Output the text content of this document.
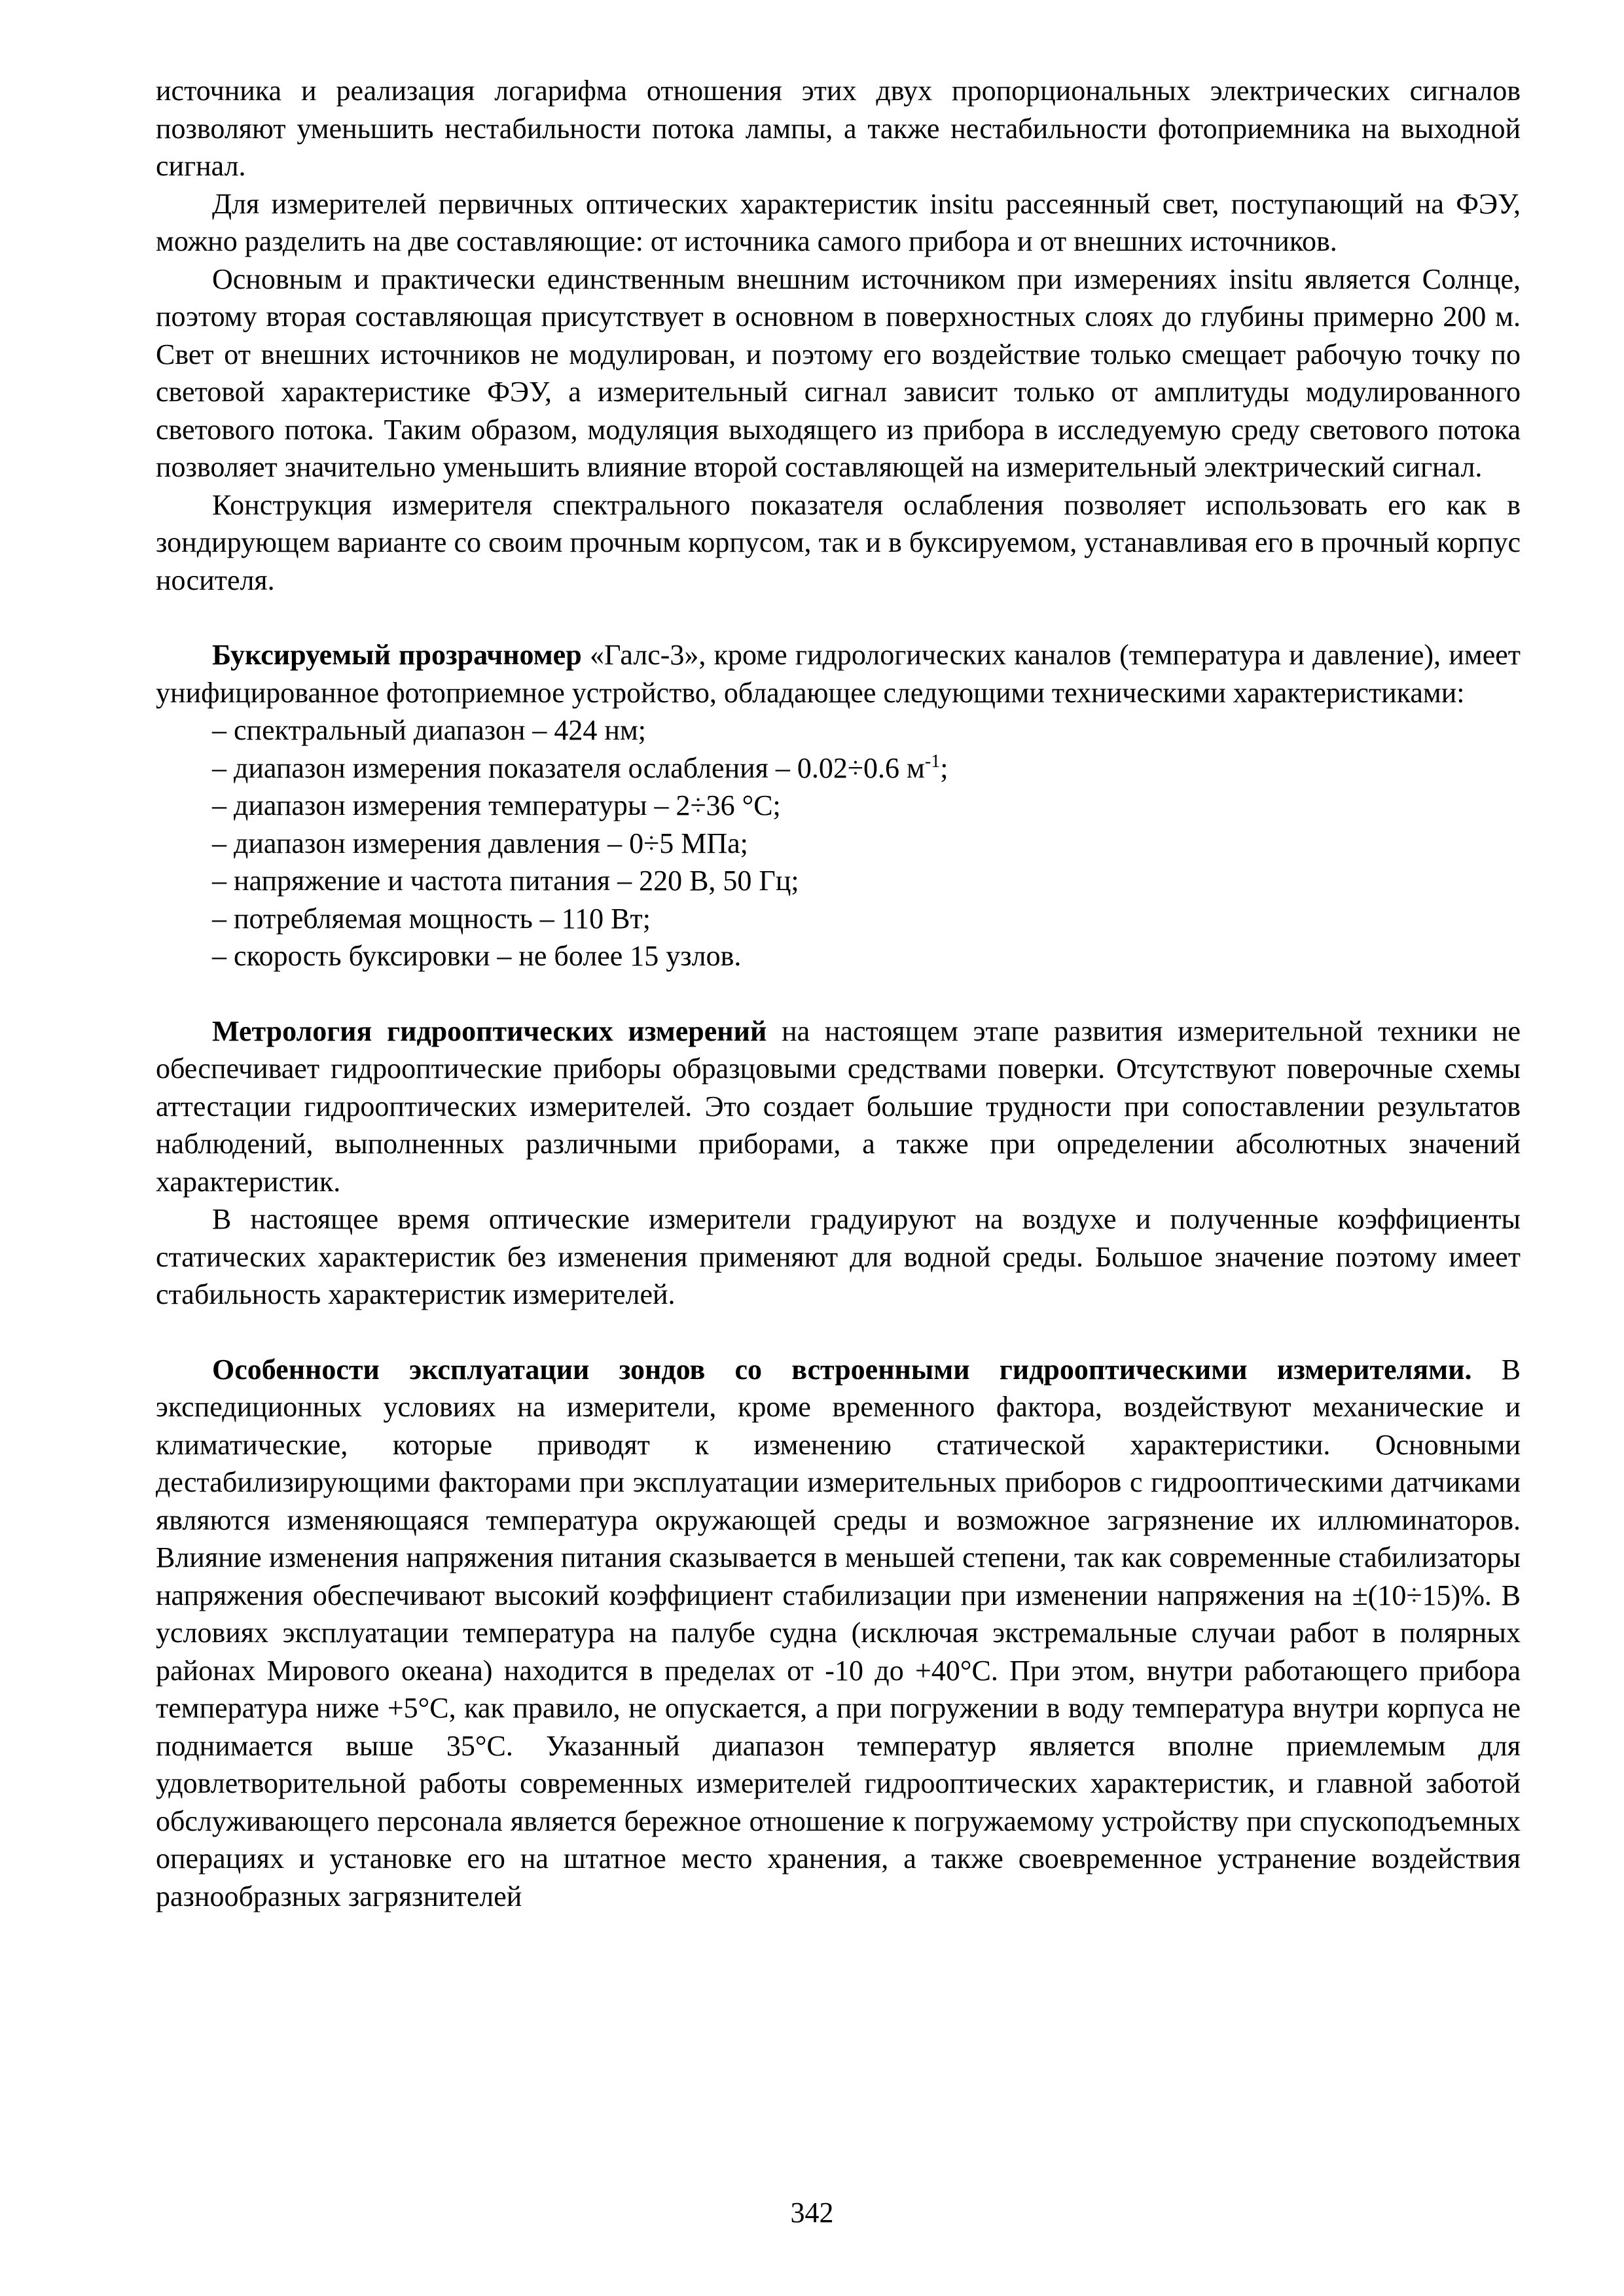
источника и реализация логарифма отношения этих двух пропорциональных электрических сигналов позволяют уменьшить нестабильности потока лампы, а также нестабильности фотоприемника на выходной сигнал.

Для измерителей первичных оптических характеристик insitu рассеянный свет, поступающий на ФЭУ, можно разделить на две составляющие: от источника самого прибора и от внешних источников.

Основным и практически единственным внешним источником при измерениях insitu является Солнце, поэтому вторая составляющая присутствует в основном в поверхностных слоях до глубины примерно 200 м. Свет от внешних источников не модулирован, и поэтому его воздействие только смещает рабочую точку по световой характеристике ФЭУ, а измерительный сигнал зависит только от амплитуды модулированного светового потока. Таким образом, модуляция выходящего из прибора в исследуемую среду светового потока позволяет значительно уменьшить влияние второй составляющей на измерительный электрический сигнал.

Конструкция измерителя спектрального показателя ослабления позволяет использовать его как в зондирующем варианте со своим прочным корпусом, так и в буксируемом, устанавливая его в прочный корпус носителя.

Буксируемый прозрачномер «Галс-3», кроме гидрологических каналов (температура и давление), имеет унифицированное фотоприемное устройство, обладающее следующими техническими характеристиками:

– спектральный диапазон – 424 нм;
– диапазон измерения показателя ослабления – 0.02÷0.6 $м^{-1}$;
– диапазон измерения температуры – 2÷36 °С;
– диапазон измерения давления – 0÷5 МПа;
– напряжение и частота питания – 220 В, 50 Гц;
– потребляемая мощность – 110 Вт;
– скорость буксировки – не более 15 узлов.

Метрология гидрооптических измерений на настоящем этапе развития измерительной техники не обеспечивает гидрооптические приборы образцовыми средствами поверки. Отсутствуют поверочные схемы аттестации гидрооптических измерителей. Это создает большие трудности при сопоставлении результатов наблюдений, выполненных различными приборами, а также при определении абсолютных значений характеристик.

В настоящее время оптические измерители градуируют на воздухе и полученные коэффициенты статических характеристик без изменения применяют для водной среды. Большое значение поэтому имеет стабильность характеристик измерителей.

Особенности эксплуатации зондов со встроенными гидрооптическими измерителями. В экспедиционных условиях на измерители, кроме временного фактора, воздействуют механические и климатические, которые приводят к изменению статической характеристики. Основными дестабилизирующими факторами при эксплуатации измерительных приборов с гидрооптическими датчиками являются изменяющаяся температура окружающей среды и возможное загрязнение их иллюминаторов. Влияние изменения напряжения питания сказывается в меньшей степени, так как современные стабилизаторы напряжения обеспечивают высокий коэффициент стабилизации при изменении напряжения на ±(10÷15)%. В условиях эксплуатации температура на палубе судна (исключая экстремальные случаи работ в полярных районах Мирового океана) находится в пределах от -10 до +40°С. При этом, внутри работающего прибора температура ниже +5°С, как правило, не опускается, а при погружении в воду температура внутри корпуса не поднимается выше 35°С. Указанный диапазон температур является вполне приемлемым для удовлетворительной работы современных измерителей гидрооптических характеристик, и главной заботой обслуживающего персонала является бережное отношение к погружаемому устройству при спускоподъемных операциях и установке его на штатное место хранения, а также своевременное устранение воздействия разнообразных загрязнителей

342
